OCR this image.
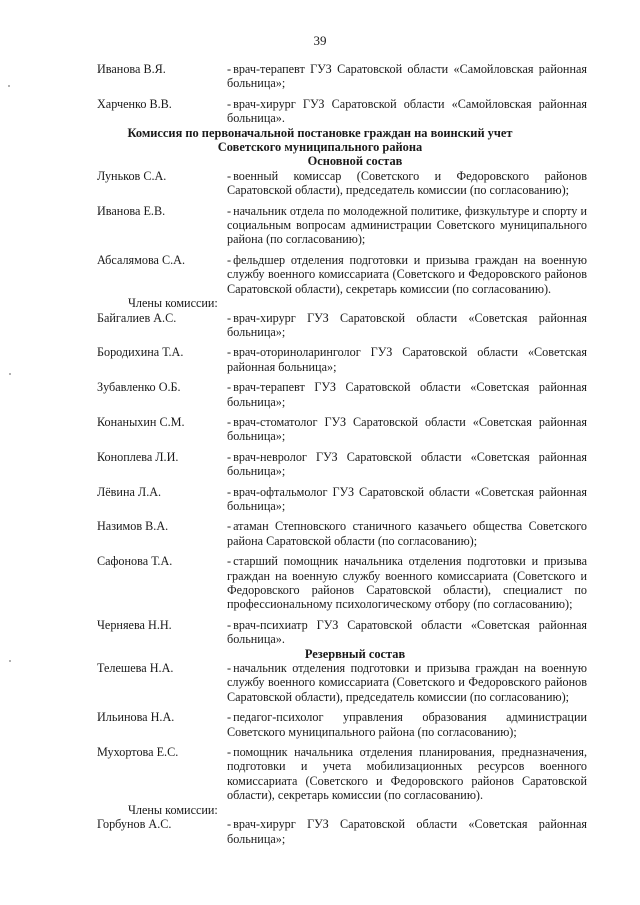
39
Иванова В.Я.	- врач-терапевт ГУЗ Саратовской области «Самойловская районная больница»;
Харченко В.В.	- врач-хирург ГУЗ Саратовской области «Самойловская районная больница».
Комиссия по первоначальной постановке граждан на воинский учет
Советского муниципального района
Основной состав
Луньков С.А.	- военный комиссар (Советского и Федоровского районов Саратовской области), председатель комиссии (по согласованию);
Иванова Е.В.	- начальник отдела по молодежной политике, физкультуре и спорту и социальным вопросам администрации Советского муниципального района (по согласованию);
Абсалямова С.А.	- фельдшер отделения подготовки и призыва граждан на военную службу военного комиссариата (Советского и Федоровского районов Саратовской области), секретарь комиссии (по согласованию).
Члены комиссии:
Байгалиев А.С.	- врач-хирург ГУЗ Саратовской области «Советская районная больница»;
Бородихина Т.А.	- врач-оториноларинголог ГУЗ Саратовской области «Советская районная больница»;
Зубавленко О.Б.	- врач-терапевт ГУЗ Саратовской области «Советская районная больница»;
Конаныхин С.М.	- врач-стоматолог ГУЗ Саратовской области «Советская районная больница»;
Коноплева Л.И.	- врач-невролог ГУЗ Саратовской области «Советская районная больница»;
Лёвина Л.А.	- врач-офтальмолог ГУЗ Саратовской области «Советская районная больница»;
Назимов В.А.	- атаман Степновского станичного казачьего общества Советского района Саратовской области (по согласованию);
Сафонова Т.А.	- старший помощник начальника отделения подготовки и призыва граждан на военную службу военного комиссариата (Советского и Федоровского районов Саратовской области), специалист по профессиональному психологическому отбору (по согласованию);
Черняева Н.Н.	- врач-психиатр ГУЗ Саратовской области «Советская районная больница».
Резервный состав
Телешева Н.А.	- начальник отделения подготовки и призыва граждан на военную службу военного комиссариата (Советского и Федоровского районов Саратовской области), председатель комиссии (по согласованию);
Ильинова Н.А.	- педагог-психолог управления образования администрации Советского муниципального района (по согласованию);
Мухортова Е.С.	- помощник начальника отделения планирования, предназначения, подготовки и учета мобилизационных ресурсов военного комиссариата (Советского и Федоровского районов Саратовской области), секретарь комиссии (по согласованию).
Члены комиссии:
Горбунов А.С.	- врач-хирург ГУЗ Саратовской области «Советская районная больница»;
